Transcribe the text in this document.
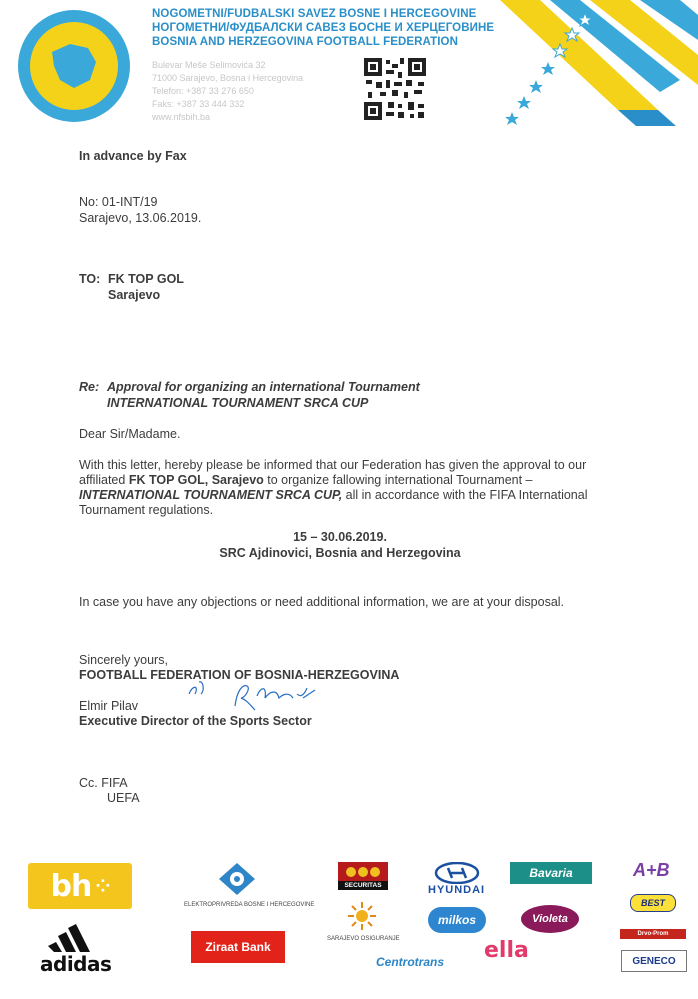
NOGOMETNI/FUDBALSKI SAVEZ BOSNE I HERCEGOVINE
НОГОМЕТНИ/ФУДБАЛСКИ САВЕЗ БОСНЕ И ХЕРЦЕГОВИНЕ
BOSNIA AND HERZEGOVINA FOOTBALL FEDERATION
Bulevar Meše Selimovića 32
71000 Sarajevo, Bosna i Hercegovina
Telefon: +387 33 276 650
Faks: +387 33 444 332
www.nfsbih.ba
In advance by Fax
No: 01-INT/19
Sarajevo, 13.06.2019.
TO: FK TOP GOL
Sarajevo
Re: Approval for organizing an international Tournament
INTERNATIONAL TOURNAMENT SRCA CUP
Dear Sir/Madame.
With this letter, hereby please be informed that our Federation has given the approval to our
affiliated FK TOP GOL, Sarajevo to organize fallowing international Tournament –
INTERNATIONAL TOURNAMENT SRCA CUP, all in accordance with the FIFA International
Tournament regulations.
15 – 30.06.2019.
SRC Ajdinovici, Bosnia and Herzegovina
In case you have any objections or need additional information, we are at your disposal.
Sincerely yours,
FOOTBALL FEDERATION OF BOSNIA-HERZEGOVINA
Elmir Pilav
Executive Director of the Sports Sector
Cc. FIFA
UEFA
bh ⁘
adidas
ELEKTROPRIVREDA BOSNE I HERCEGOVINE
Ziraat Bank
SECURITAS
SARAJEVO OSIGURANJE
HYUNDAI
Bavaria
milkos	Violeta
ella
Centrotrans
A+B
BEST
Drvo-Prom
GENECO
